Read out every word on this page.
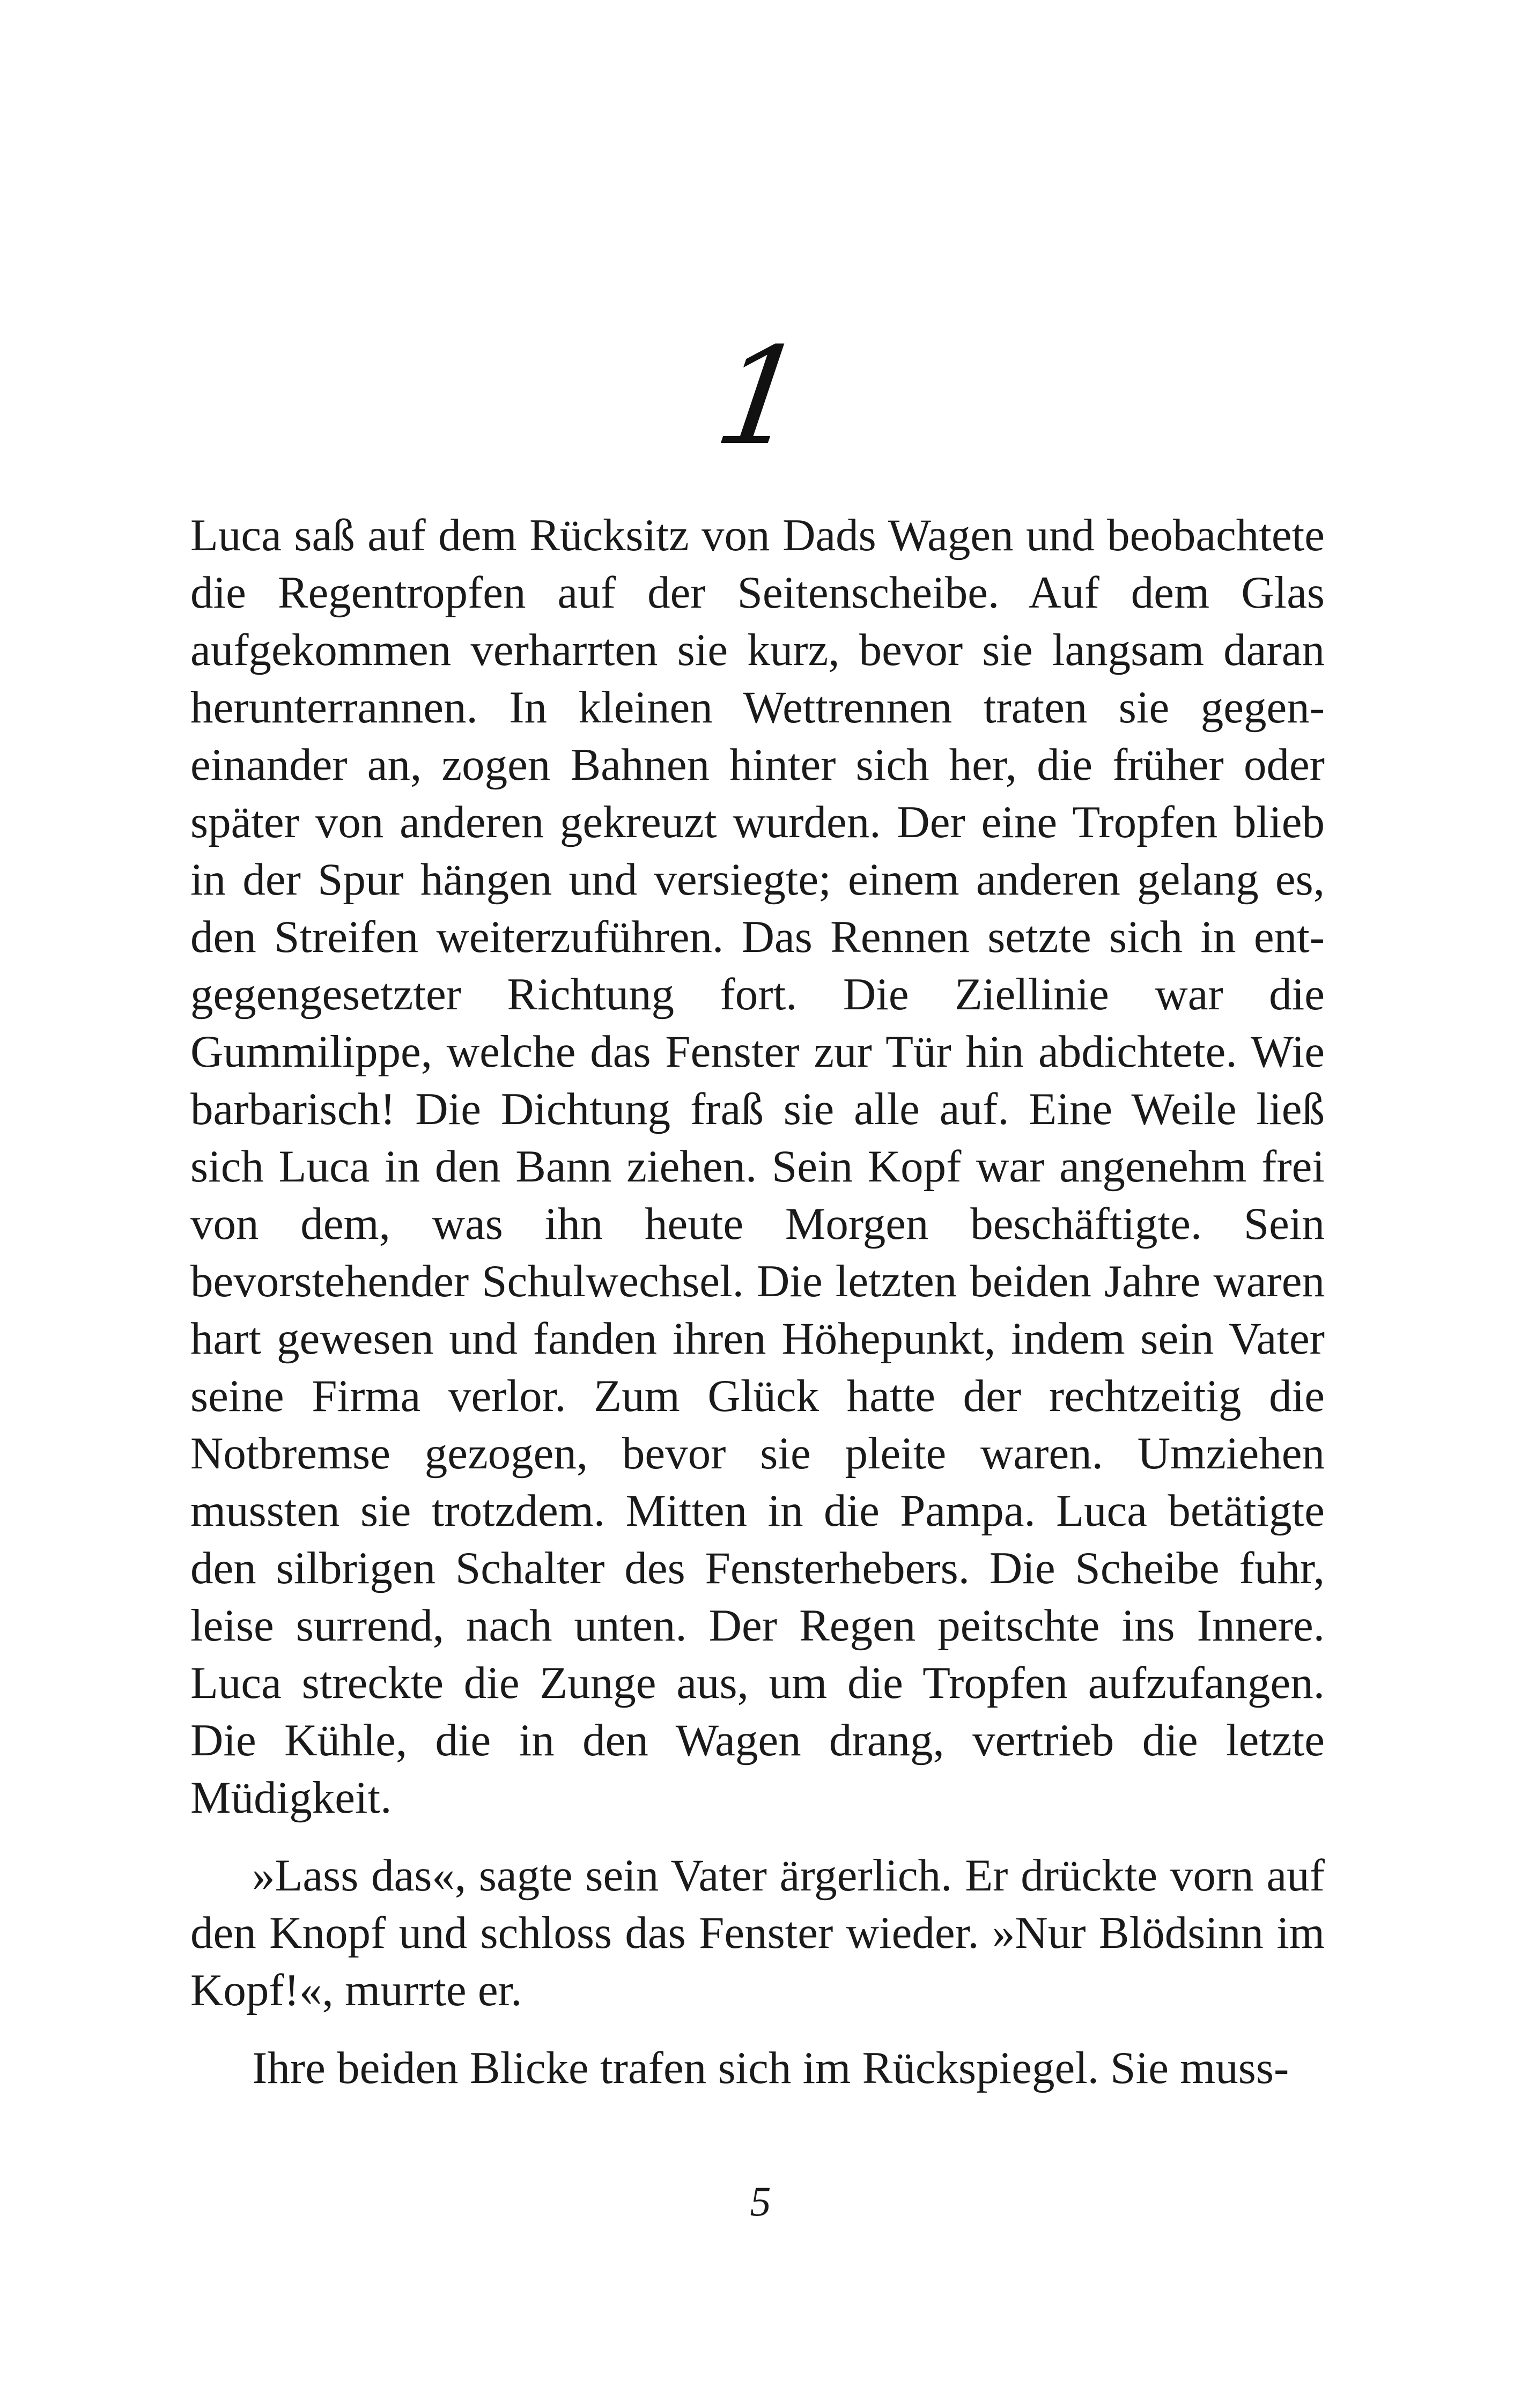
1

Luca saß auf dem Rücksitz von Dads Wagen und beobachtete die Regentropfen auf der Seitenscheibe. Auf dem Glas aufgekommen verharrten sie kurz, bevor sie langsam daran herunterrannen. In kleinen Wettrennen traten sie gegeneinander an, zogen Bahnen hinter sich her, die früher oder später von anderen gekreuzt wurden. Der eine Tropfen blieb in der Spur hängen und versiegte; einem anderen gelang es, den Streifen weiterzuführen. Das Rennen setzte sich in entgegengesetzter Richtung fort. Die Ziellinie war die Gummilippe, welche das Fenster zur Tür hin abdichtete. Wie barbarisch! Die Dichtung fraß sie alle auf. Eine Weile ließ sich Luca in den Bann ziehen. Sein Kopf war angenehm frei von dem, was ihn heute Morgen beschäftigte. Sein bevorstehender Schulwechsel. Die letzten beiden Jahre waren hart gewesen und fanden ihren Höhepunkt, indem sein Vater seine Firma verlor. Zum Glück hatte der rechtzeitig die Notbremse gezogen, bevor sie pleite waren. Umziehen mussten sie trotzdem. Mitten in die Pampa. Luca betätigte den silbrigen Schalter des Fensterhebers. Die Scheibe fuhr, leise surrend, nach unten. Der Regen peitschte ins Innere. Luca streckte die Zunge aus, um die Tropfen aufzufangen. Die Kühle, die in den Wagen drang, vertrieb die letzte Müdigkeit.

»Lass das«, sagte sein Vater ärgerlich. Er drückte vorn auf den Knopf und schloss das Fenster wieder. »Nur Blödsinn im Kopf!«, murrte er.

Ihre beiden Blicke trafen sich im Rückspiegel. Sie muss-

5
